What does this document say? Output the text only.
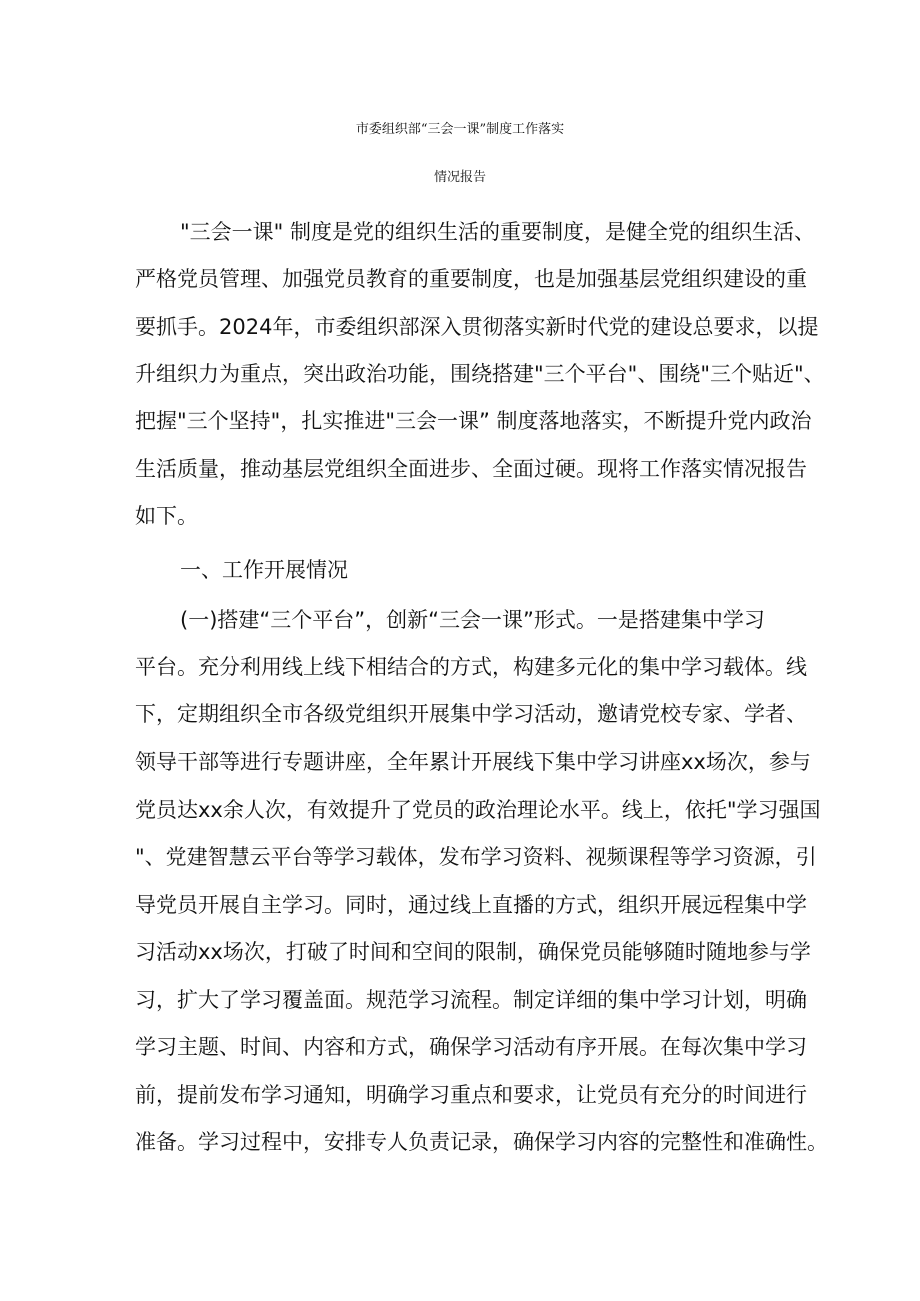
市委组织部“三会一课”制度工作落实
情况报告
"三会一课" 制度是党的组织生活的重要制度，是健全党的组织生活、
严格党员管理、加强党员教育的重要制度，也是加强基层党组织建设的重
要抓手。2024年，市委组织部深入贯彻落实新时代党的建设总要求，以提
升组织力为重点，突出政治功能，围绕搭建"三个平台"、围绕"三个贴近"、
把握"三个坚持"，扎实推进"三会一课” 制度落地落实，不断提升党内政治
生活质量，推动基层党组织全面进步、全面过硬。现将工作落实情况报告
如下。
一、工作开展情况
(一)搭建“三个平台”，创新“三会一课”形式。一是搭建集中学习
平台。充分利用线上线下相结合的方式，构建多元化的集中学习载体。线
下，定期组织全市各级党组织开展集中学习活动，邀请党校专家、学者、
领导干部等进行专题讲座，全年累计开展线下集中学习讲座xx场次，参与
党员达xx余人次，有效提升了党员的政治理论水平。线上，依托"学习强国
"、党建智慧云平台等学习载体，发布学习资料、视频课程等学习资源，引
导党员开展自主学习。同时，通过线上直播的方式，组织开展远程集中学
习活动xx场次，打破了时间和空间的限制，确保党员能够随时随地参与学
习，扩大了学习覆盖面。规范学习流程。制定详细的集中学习计划，明确
学习主题、时间、内容和方式，确保学习活动有序开展。在每次集中学习
前，提前发布学习通知，明确学习重点和要求，让党员有充分的时间进行
准备。学习过程中，安排专人负责记录，确保学习内容的完整性和准确性。
